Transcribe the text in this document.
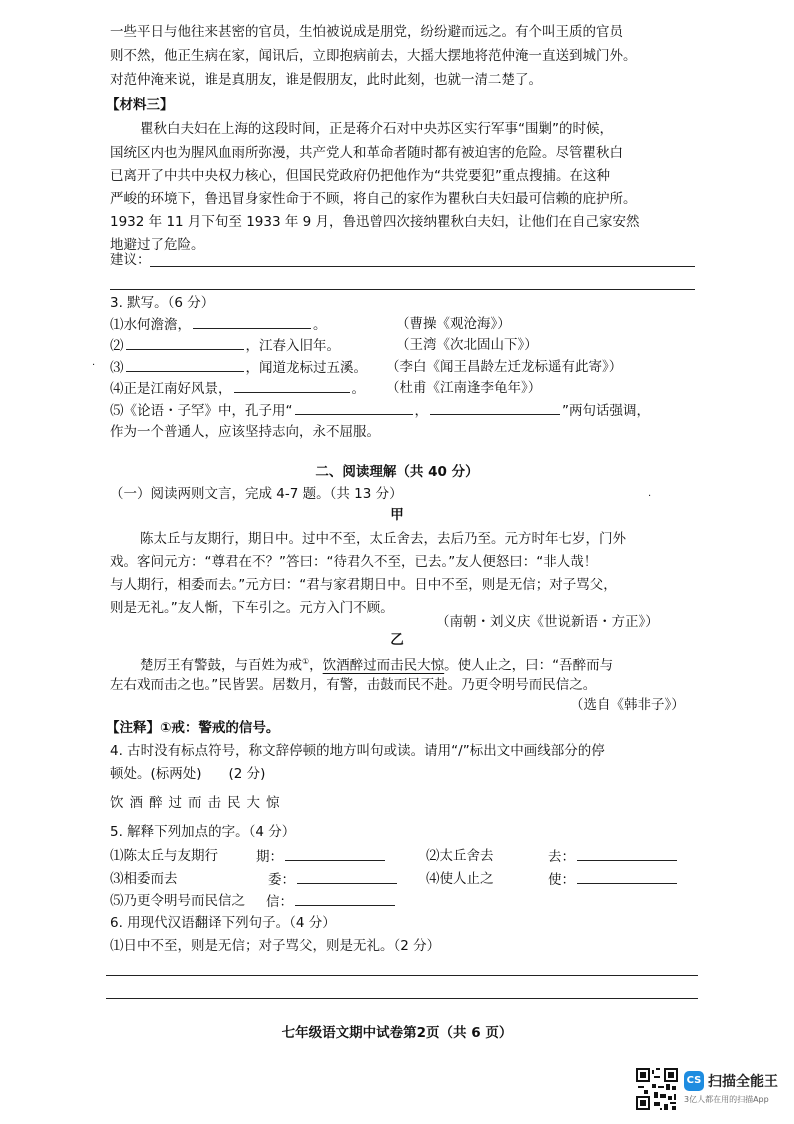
一些平日与他往来甚密的官员，生怕被说成是朋党，纷纷避而远之。有个叫王质的官员
则不然，他正生病在家，闻讯后，立即抱病前去，大摇大摆地将范仲淹一直送到城门外。
对范仲淹来说，谁是真朋友，谁是假朋友，此时此刻，也就一清二楚了。
【材料三】
瞿秋白夫妇在上海的这段时间，正是蒋介石对中央苏区实行军事“围剿”的时候，
国统区内也为腥风血雨所弥漫，共产党人和革命者随时都有被迫害的危险。尽管瞿秋白
已离开了中共中央权力核心，但国民党政府仍把他作为“共党要犯”重点搜捕。在这种
严峻的环境下，鲁迅冒身家性命于不顾，将自己的家作为瞿秋白夫妇最可信赖的庇护所。
1932 年 11 月下旬至 1933 年 9 月，鲁迅曾四次接纳瞿秋白夫妇，让他们在自己家安然
地避过了危险。
建议：
3. 默写。（6 分）
⑴水何澹澹，	。	（曹操《观沧海》）
⑵	，江春入旧年。	（王湾《次北固山下》）
· ⑶	，闻道龙标过五溪。 （李白《闻王昌龄左迁龙标遥有此寄》）
⑷正是江南好风景，	。 （杜甫《江南逢李龟年》）
⑸《论语・子罕》中，孔子用“	，	”两句话强调，
作为一个普通人，应该坚持志向，永不屈服。
二、阅读理解（共 40 分）
（一）阅读两则文言，完成 4-7 题。（共 13 分）	.
甲
陈太丘与友期行，期日中。过中不至，太丘舍去，去后乃至。元方时年七岁，门外
戏。客问元方：“尊君在不？”答曰：“待君久不至，已去。”友人便怒曰：“非人哉！
与人期行，相委而去。”元方曰：“君与家君期日中。日中不至，则是无信；对子骂父，
则是无礼。”友人惭，下车引之。元方入门不顾。
（南朝・刘义庆《世说新语・方正》）
乙
楚厉王有警鼓，与百姓为戒①，饮酒醉过而击民大惊。使人止之，曰：“吾醉而与
左右戏而击之也。”民皆罢。居数月，有警，击鼓而民不赴。乃更令明号而民信之。
（选自《韩非子》）
【注释】①戒：警戒的信号。
4. 古时没有标点符号，称文辞停顿的地方叫句或读。请用“/”标出文中画线部分的停
顿处。(标两处)　　(2 分)
饮酒醉过而击民大惊
5. 解释下列加点的字。（4 分）
⑴陈太丘与友期行	期：	⑵太丘舍去	去：
⑶相委而去	委：	⑷使人止之	使：
⑸乃更令明号而民信之 信：
6. 用现代汉语翻译下列句子。（4 分）
⑴日中不至，则是无信；对子骂父，则是无礼。（2 分）
七年级语文期中试卷第2页（共 6 页）
CS 扫描全能王
3亿人都在用的扫描App
